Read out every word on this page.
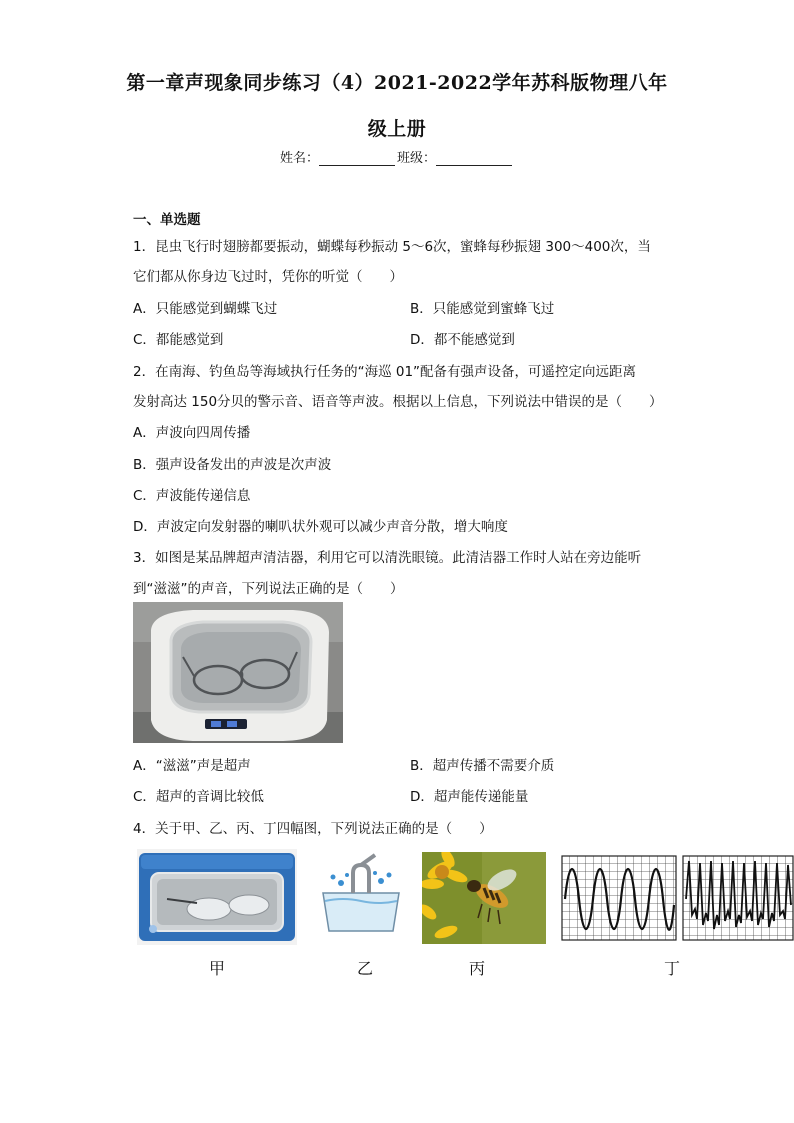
第一章声现象同步练习（4）2021-2022学年苏科版物理八年
级上册
姓名：	班级：
一、单选题
1．昆虫飞行时翅膀都要振动，蝴蝶每秒振动 5～6次，蜜蜂每秒振翅 300～400次，当
它们都从你身边飞过时，凭你的听觉（　　）
A．只能感觉到蝴蝶飞过	B．只能感觉到蜜蜂飞过
C．都能感觉到	D．都不能感觉到
2．在南海、钓鱼岛等海域执行任务的“海巡 01”配备有强声设备，可遥控定向远距离
发射高达 150分贝的警示音、语音等声波。根据以上信息，下列说法中错误的是（　　）
A．声波向四周传播
B．强声设备发出的声波是次声波
C．声波能传递信息
D．声波定向发射器的喇叭状外观可以减少声音分散，增大响度
3．如图是某品牌超声清洁器，利用它可以清洗眼镜。此清洁器工作时人站在旁边能听
到“滋滋”的声音，下列说法正确的是（　　）
A．“滋滋”声是超声	B．超声传播不需要介质
C．超声的音调比较低	D．超声能传递能量
4．关于甲、乙、丙、丁四幅图，下列说法正确的是（　　）
甲	乙	丙	丁
